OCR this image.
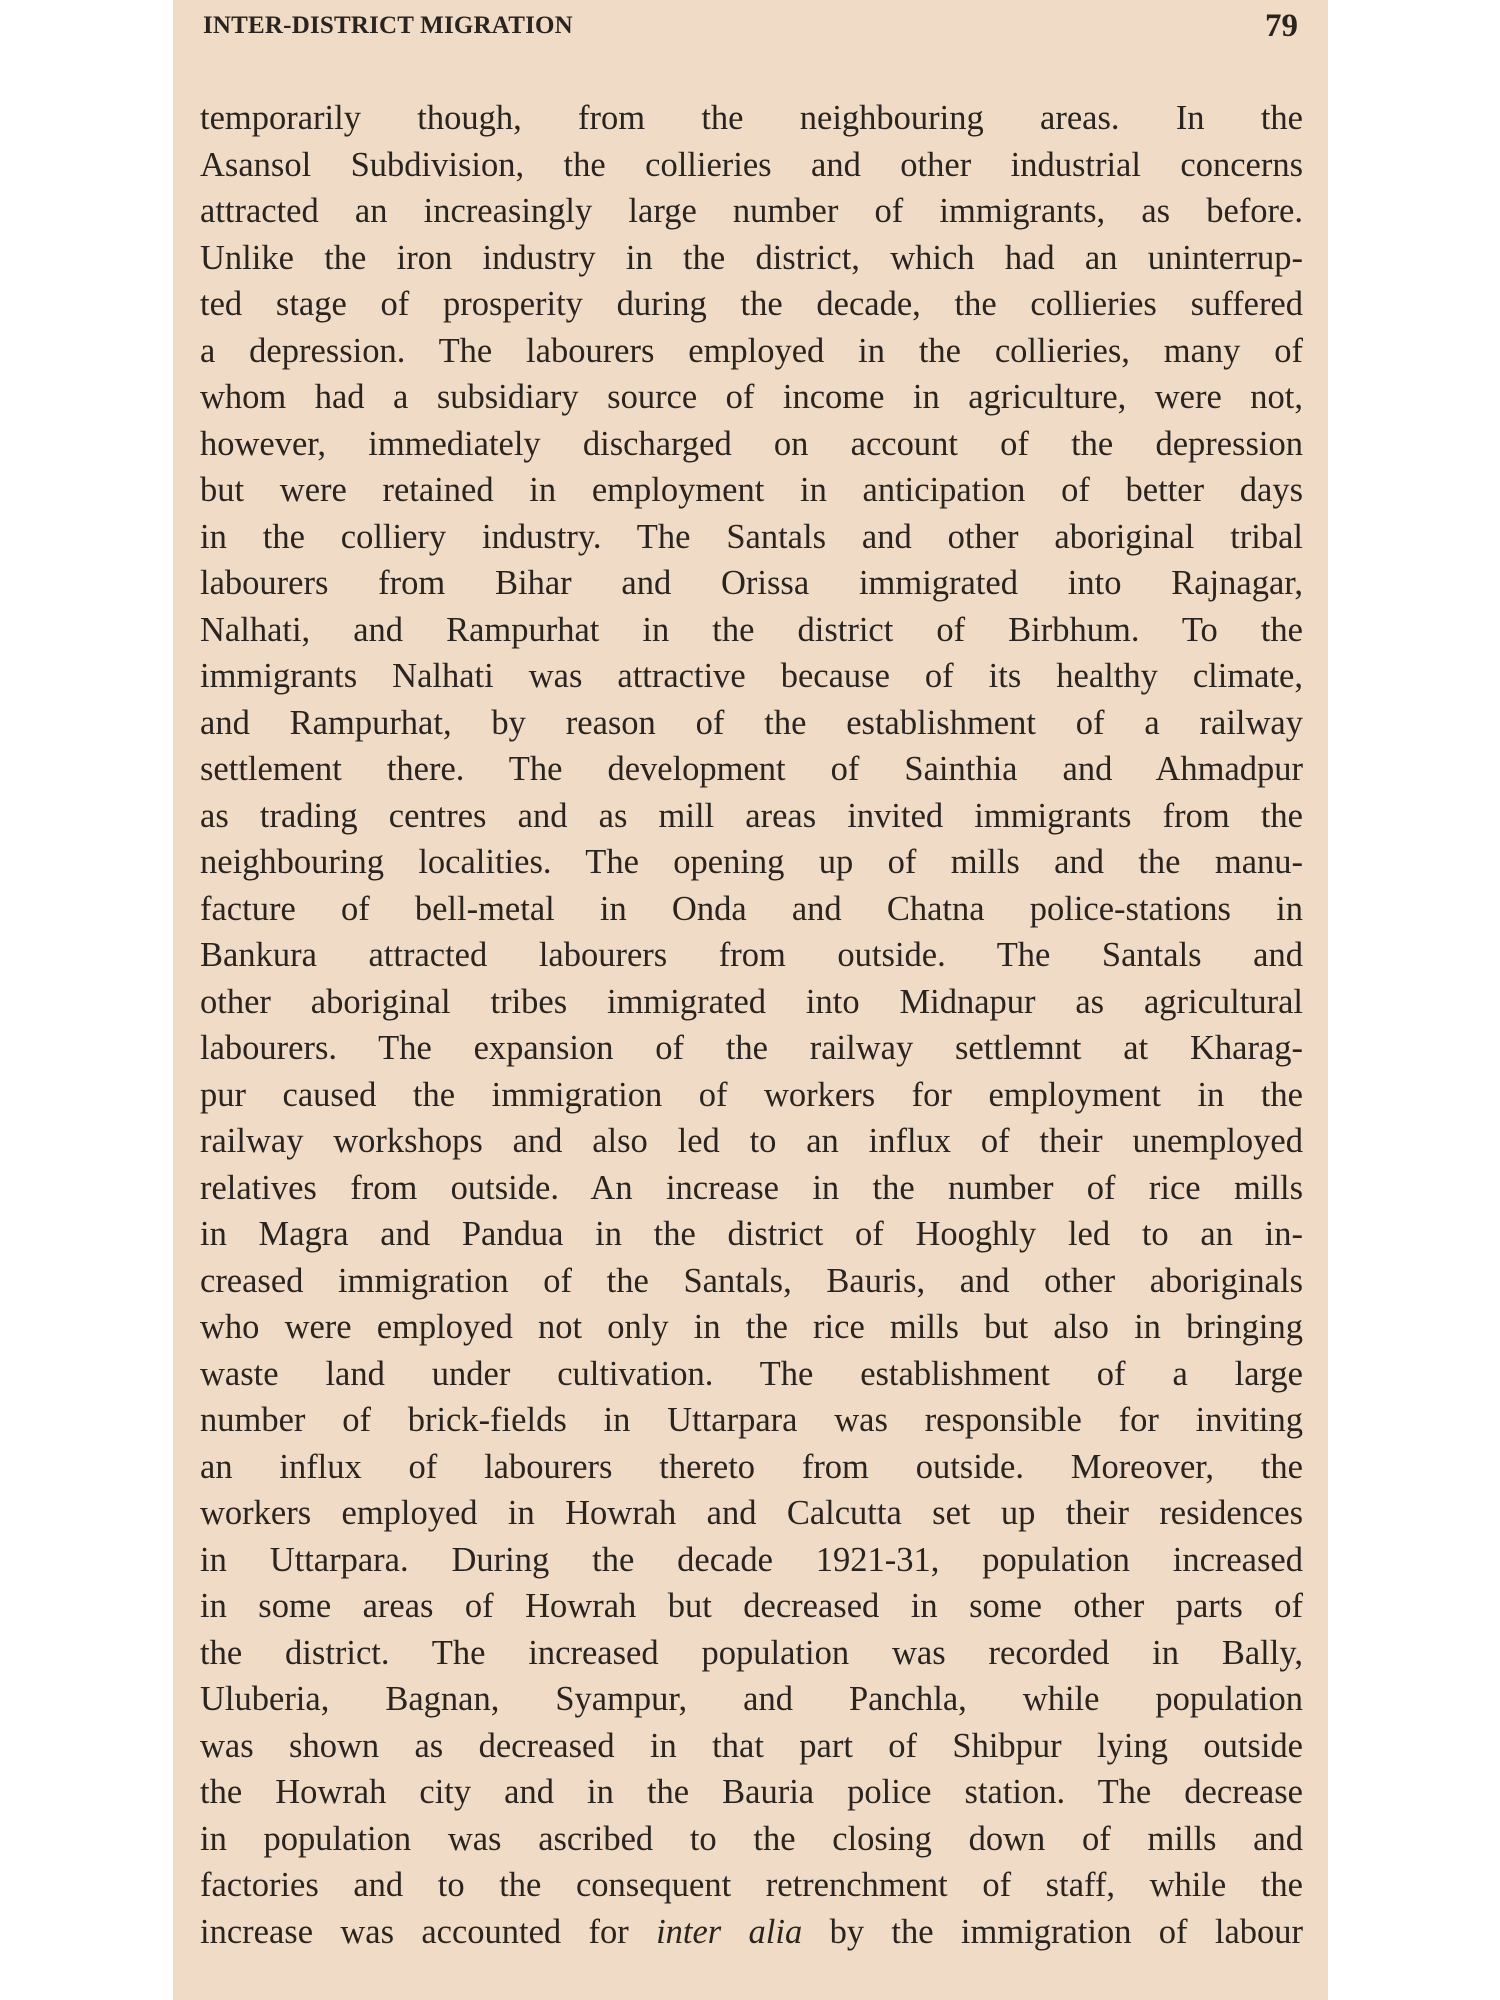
INTER-DISTRICT MIGRATION	79
temporarily though, from the neighbouring areas. In the
Asansol Subdivision, the collieries and other industrial concerns
attracted an increasingly large number of immigrants, as before.
Unlike the iron industry in the district, which had an uninterrup-
ted stage of prosperity during the decade, the collieries suffered
a depression. The labourers employed in the collieries, many of
whom had a subsidiary source of income in agriculture, were not,
however, immediately discharged on account of the depression
but were retained in employment in anticipation of better days
in the colliery industry. The Santals and other aboriginal tribal
labourers from Bihar and Orissa immigrated into Rajnagar,
Nalhati, and Rampurhat in the district of Birbhum. To the
immigrants Nalhati was attractive because of its healthy climate,
and Rampurhat, by reason of the establishment of a railway
settlement there. The development of Sainthia and Ahmadpur
as trading centres and as mill areas invited immigrants from the
neighbouring localities. The opening up of mills and the manu-
facture of bell-metal in Onda and Chatna police-stations in
Bankura attracted labourers from outside. The Santals and
other aboriginal tribes immigrated into Midnapur as agricultural
labourers. The expansion of the railway settlemnt at Kharag-
pur caused the immigration of workers for employment in the
railway workshops and also led to an influx of their unemployed
relatives from outside. An increase in the number of rice mills
in Magra and Pandua in the district of Hooghly led to an in-
creased immigration of the Santals, Bauris, and other aboriginals
who were employed not only in the rice mills but also in bringing
waste land under cultivation. The establishment of a large
number of brick-fields in Uttarpara was responsible for inviting
an influx of labourers thereto from outside. Moreover, the
workers employed in Howrah and Calcutta set up their residences
in Uttarpara. During the decade 1921-31, population increased
in some areas of Howrah but decreased in some other parts of
the district. The increased population was recorded in Bally,
Uluberia, Bagnan, Syampur, and Panchla, while population
was shown as decreased in that part of Shibpur lying outside
the Howrah city and in the Bauria police station. The decrease
in population was ascribed to the closing down of mills and
factories and to the consequent retrenchment of staff, while the
increase was accounted for inter alia by the immigration of labour
